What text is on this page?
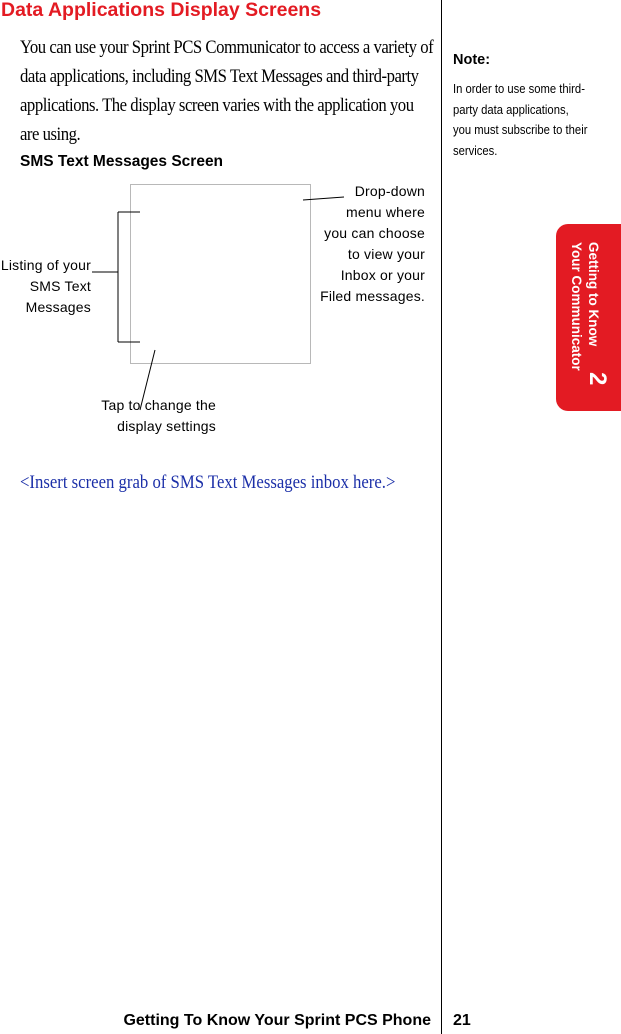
Data Applications Display Screens
You can use your Sprint PCS Communicator to access a variety of data applications, including SMS Text Messages and third-party applications. The display screen varies with the application you are using.
SMS Text Messages Screen
Drop-down
menu where
you can choose
to view your
Inbox or your
Filed messages.
Listing of your
SMS Text
Messages
Tap to change the
display settings
<Insert screen grab of SMS Text Messages inbox here.>
Note:
In order to use some third-party data applications, you must subscribe to their services.
Getting to Know
Your Communicator
2
Getting To Know Your Sprint PCS Phone 21
